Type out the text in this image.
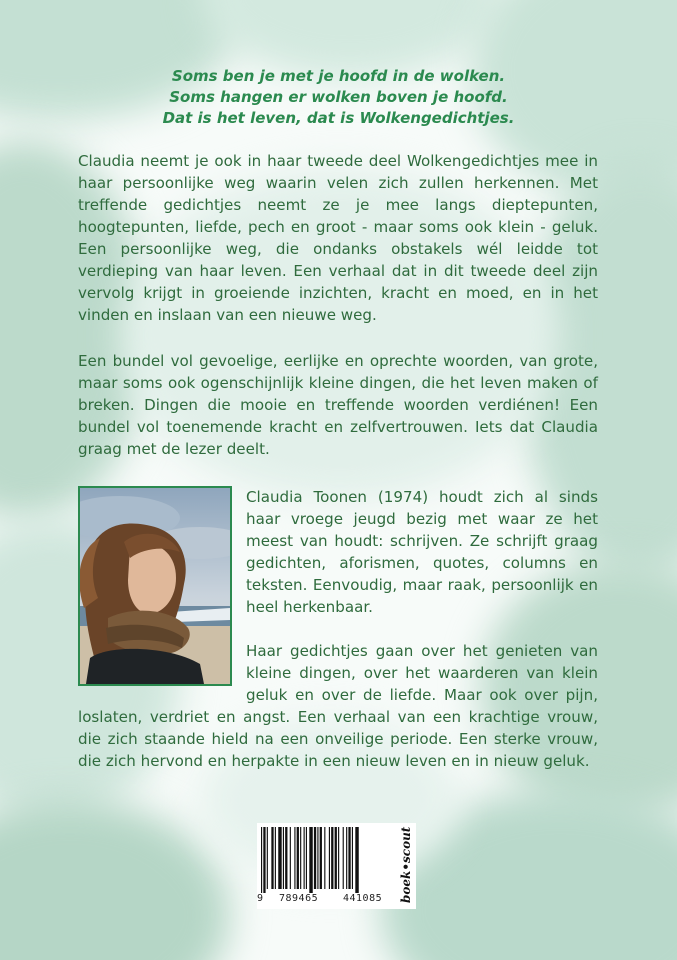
Soms ben je met je hoofd in de wolken.
Soms hangen er wolken boven je hoofd.
Dat is het leven, dat is Wolkengedichtjes.
Claudia neemt je ook in haar tweede deel Wolkengedichtjes mee in haar persoonlijke weg waarin velen zich zullen herkennen. Met treffende gedichtjes neemt ze je mee langs dieptepunten, hoogtepunten, liefde, pech en groot - maar soms ook klein - geluk. Een persoonlijke weg, die ondanks obstakels wél leidde tot verdieping van haar leven. Een verhaal dat in dit tweede deel zijn vervolg krijgt in groeiende inzichten, kracht en moed, en in het vinden en inslaan van een nieuwe weg.
Een bundel vol gevoelige, eerlijke en oprechte woorden, van grote, maar soms ook ogenschijnlijk kleine dingen, die het leven maken of breken. Dingen die mooie en treffende woorden verdiénen! Een bundel vol toenemende kracht en zelfvertrouwen. Iets dat Claudia graag met de lezer deelt.

Claudia Toonen (1974) houdt zich al sinds haar vroege jeugd bezig met waar ze het meest van houdt: schrijven. Ze schrijft graag gedichten, aforismen, quotes, columns en teksten. Eenvoudig, maar raak, persoonlijk en heel herkenbaar.

Haar gedichtjes gaan over het genieten van kleine dingen, over het waarderen van klein geluk en over de liefde. Maar ook over pijn, loslaten, verdriet en angst. Een verhaal van een krachtige vrouw, die zich staande hield na een onveilige periode. Een sterke vrouw, die zich hervond en herpakte in een nieuw leven en in nieuw geluk.

9 789465 441085 boek•scout
